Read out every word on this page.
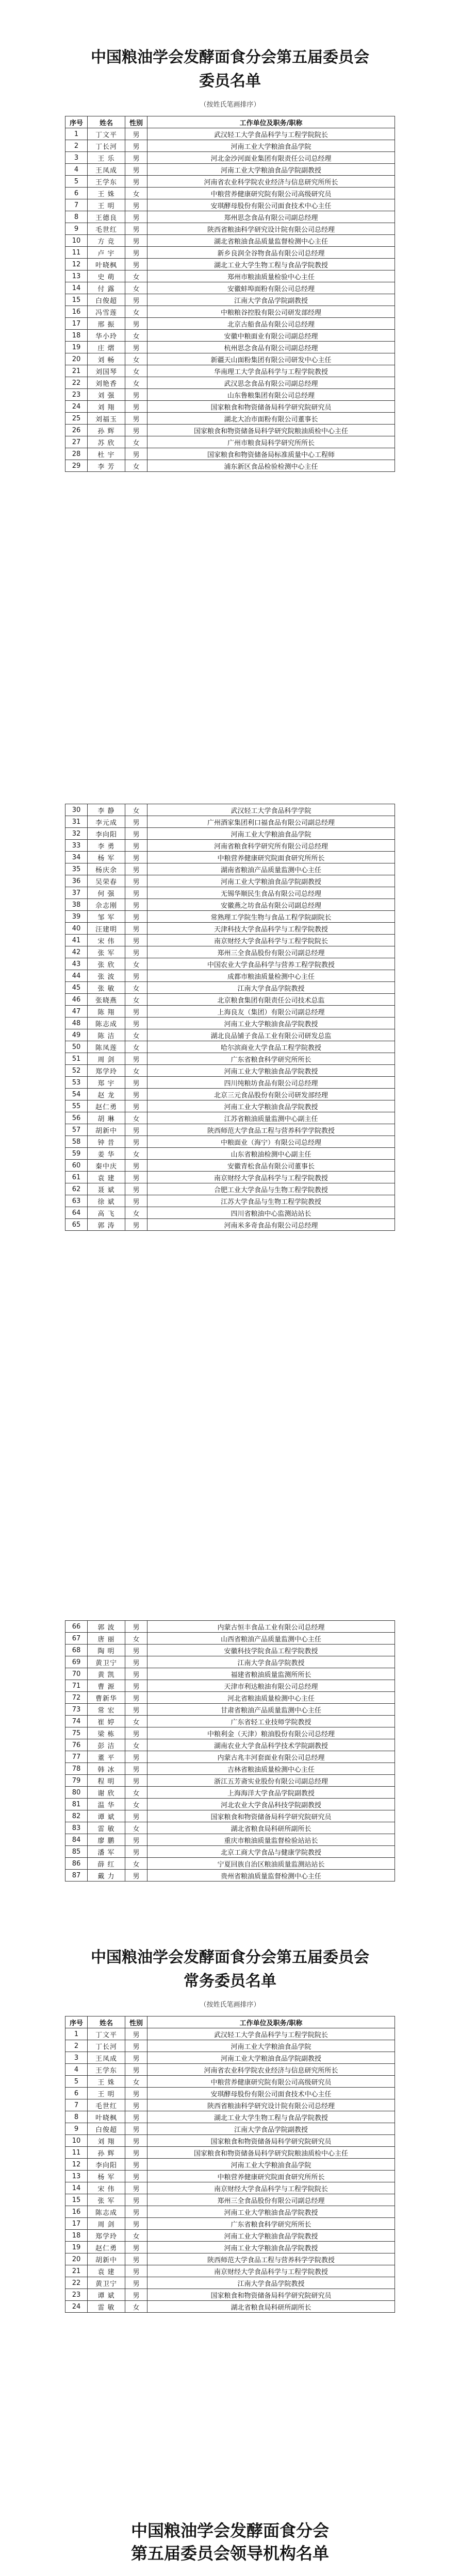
中国粮油学会发酵面食分会第五届委员会
委员名单
（按姓氏笔画排序）
序号	姓名	性别	工作单位及职务/职称
1	丁文平	男	武汉轻工大学食品科学与工程学院院长
2	丁长河	男	河南工业大学粮油食品学院
3	王 乐	男	河北金沙河面业集团有限责任公司总经理
4	王凤成	男	河南工业大学粮油食品学院副教授
5	王学东	男	河南省农业科学院农业经济与信息研究所所长
6	王 姝	女	中粮营养健康研究院有限公司高级研究员
7	王 明	男	安琪酵母股份有限公司面食技术中心主任
8	王德良	男	郑州思念食品有限公司副总经理
9	毛世红	男	陕西省粮油科学研究设计院有限公司总经理
10	方 竞	男	湖北省粮油食品质量监督检测中心主任
11	卢 宇	男	新乡良润全谷物食品有限公司总经理
12	叶晓枫	男	湖北工业大学生物工程与食品学院教授
13	史 萌	女	郑州市粮油质量检验中心主任
14	付 露	女	安徽蚌埠面粉有限公司总经理
15	白俊超	男	江南大学食品学院副教授
16	冯雪莲	女	中粮粮谷控股有限公司研发部经理
17	邢 振	男	北京古船食品有限公司总经理
18	华小玲	女	安徽中粮面业有限公司副总经理
19	庄 熠	男	杭州思念食品有限公司副总经理
20	刘 畅	女	新疆天山面粉集团有限公司研发中心主任
21	刘国琴	女	华南理工大学食品科学与工程学院教授
22	刘艳香	女	武汉思念食品有限公司副总经理
23	刘 强	男	山东鲁粮集团有限公司总经理
24	刘 翔	男	国家粮食和物资储备局科学研究院研究员
25	刘福玉	男	湖北大冶市面粉有限公司董事长
26	孙 辉	男	国家粮食和物资储备局科学研究院粮油质检中心主任
27	苏 欣	女	广州市粮食局科学研究所所长
28	杜 宇	男	国家粮食和物资储备局标准质量中心工程师
29	李 芳	女	浦东新区食品检验检测中心主任
30	李 静	女	武汉轻工大学食品科学学院
31	李元成	男	广州酒家集团利口福食品有限公司副总经理
32	李向阳	男	河南工业大学粮油食品学院
33	李 勇	男	河南省粮食科学研究所有限公司总经理
34	杨 军	男	中粮营养健康研究院面食研究所所长
35	杨庆余	男	湖南省粮油产品质量监测中心主任
36	吴荣春	男	河南工业大学粮油食品学院副教授
37	何 强	男	无锡华顺民生食品有限公司总经理
38	佘志刚	男	安徽燕之坊食品有限公司副总经理
39	邹 军	男	常熟理工学院生物与食品工程学院副院长
40	汪建明	男	天津科技大学食品科学与工程学院教授
41	宋 伟	男	南京财经大学食品科学与工程学院院长
42	张 军	男	郑州三全食品股份有限公司副总经理
43	张 欣	女	中国农业大学食品科学与营养工程学院教授
44	张 波	男	成都市粮油质量检测中心主任
45	张 敏	女	江南大学食品学院教授
46	张晓燕	女	北京粮食集团有限责任公司技术总监
47	陈 翔	男	上海良友（集团）有限公司副总经理
48	陈志成	男	河南工业大学粮油食品学院教授
49	陈 洁	女	湖北良品铺子食品工业有限公司研发总监
50	陈凤莲	女	哈尔滨商业大学食品工程学院教授
51	周 剑	男	广东省粮食科学研究所所长
52	郑学玲	女	河南工业大学粮油食品学院教授
53	郑 宇	男	四川纯粮坊食品有限公司总经理
54	赵 龙	男	北京三元食品股份有限公司研发部经理
55	赵仁勇	男	河南工业大学粮油食品学院教授
56	胡 琳	女	江苏省粮油质量监测中心副主任
57	胡新中	男	陕西师范大学食品工程与营养科学学院教授
58	钟 昔	男	中粮面业（海宁）有限公司总经理
59	姜 华	女	山东省粮油检测中心副主任
60	秦中庆	男	安徽青松食品有限公司董事长
61	袁 建	男	南京财经大学食品科学与工程学院教授
62	聂 斌	男	合肥工业大学食品与生物工程学院教授
63	徐 斌	男	江苏大学食品与生物工程学院教授
64	高 飞	女	四川省粮油中心监测站站长
65	郭 涛	男	河南米多奇食品有限公司总经理
66	郭 波	男	内蒙古恒丰食品工业有限公司总经理
67	唐 丽	女	山西省粮油产品质量监测中心主任
68	陶 明	男	安徽科技学院食品工程学院教授
69	黄卫宁	男	江南大学食品学院教授
70	黄 凯	男	福建省粮油质量监测所所长
71	曹 源	男	天津市利达粮油有限公司总经理
72	曹新华	男	河北省粮油质量检测中心主任
73	常 宏	男	甘肃省粮油产品质量监测中心主任
74	崔 婷	女	广东省轻工业技师学院教授
75	梁 栋	男	中粮利金（天津）粮油股份有限公司总经理
76	彭 洁	女	湖南农业大学食品科学技术学院副教授
77	董 平	男	内蒙古兆丰河套面业有限公司总经理
78	韩 冰	男	吉林省粮油质量检测中心主任
79	程 明	男	浙江五芳斋实业股份有限公司副总经理
80	谢 欣	女	上海海洋大学食品学院副教授
81	温 华	女	河北农业大学食品科技学院副教授
82	谭 斌	男	国家粮食和物资储备局科学研究院研究员
83	雷 敏	女	湖北省粮食局科研所副所长
84	廖 鹏	男	重庆市粮油质量监督检验站站长
85	潘 军	男	北京工商大学食品与健康学院教授
86	薛 红	女	宁夏回族自治区粮油质量监测站站长
87	戴 力	男	贵州省粮油质量监督检测中心主任
中国粮油学会发酵面食分会第五届委员会
常务委员名单
（按姓氏笔画排序）
序号	姓名	性别	工作单位及职务/职称
1	丁文平	男	武汉轻工大学食品科学与工程学院院长
2	丁长河	男	河南工业大学粮油食品学院
3	王凤成	男	河南工业大学粮油食品学院副教授
4	王学东	男	河南省农业科学院农业经济与信息研究所所长
5	王 姝	女	中粮营养健康研究院有限公司高级研究员
6	王 明	男	安琪酵母股份有限公司面食技术中心主任
7	毛世红	男	陕西省粮油科学研究设计院有限公司总经理
8	叶晓枫	男	湖北工业大学生物工程与食品学院教授
9	白俊超	男	江南大学食品学院副教授
10	刘 翔	男	国家粮食和物资储备局科学研究院研究员
11	孙 辉	男	国家粮食和物资储备局科学研究院粮油质检中心主任
12	李向阳	男	河南工业大学粮油食品学院
13	杨 军	男	中粮营养健康研究院面食研究所所长
14	宋 伟	男	南京财经大学食品科学与工程学院院长
15	张 军	男	郑州三全食品股份有限公司副总经理
16	陈志成	男	河南工业大学粮油食品学院教授
17	周 剑	男	广东省粮食科学研究所所长
18	郑学玲	女	河南工业大学粮油食品学院教授
19	赵仁勇	男	河南工业大学粮油食品学院教授
20	胡新中	男	陕西师范大学食品工程与营养科学学院教授
21	袁 建	男	南京财经大学食品科学与工程学院教授
22	黄卫宁	男	江南大学食品学院教授
23	谭 斌	男	国家粮食和物资储备局科学研究院研究员
24	雷 敏	女	湖北省粮食局科研所副所长
中国粮油学会发酵面食分会
第五届委员会领导机构名单
